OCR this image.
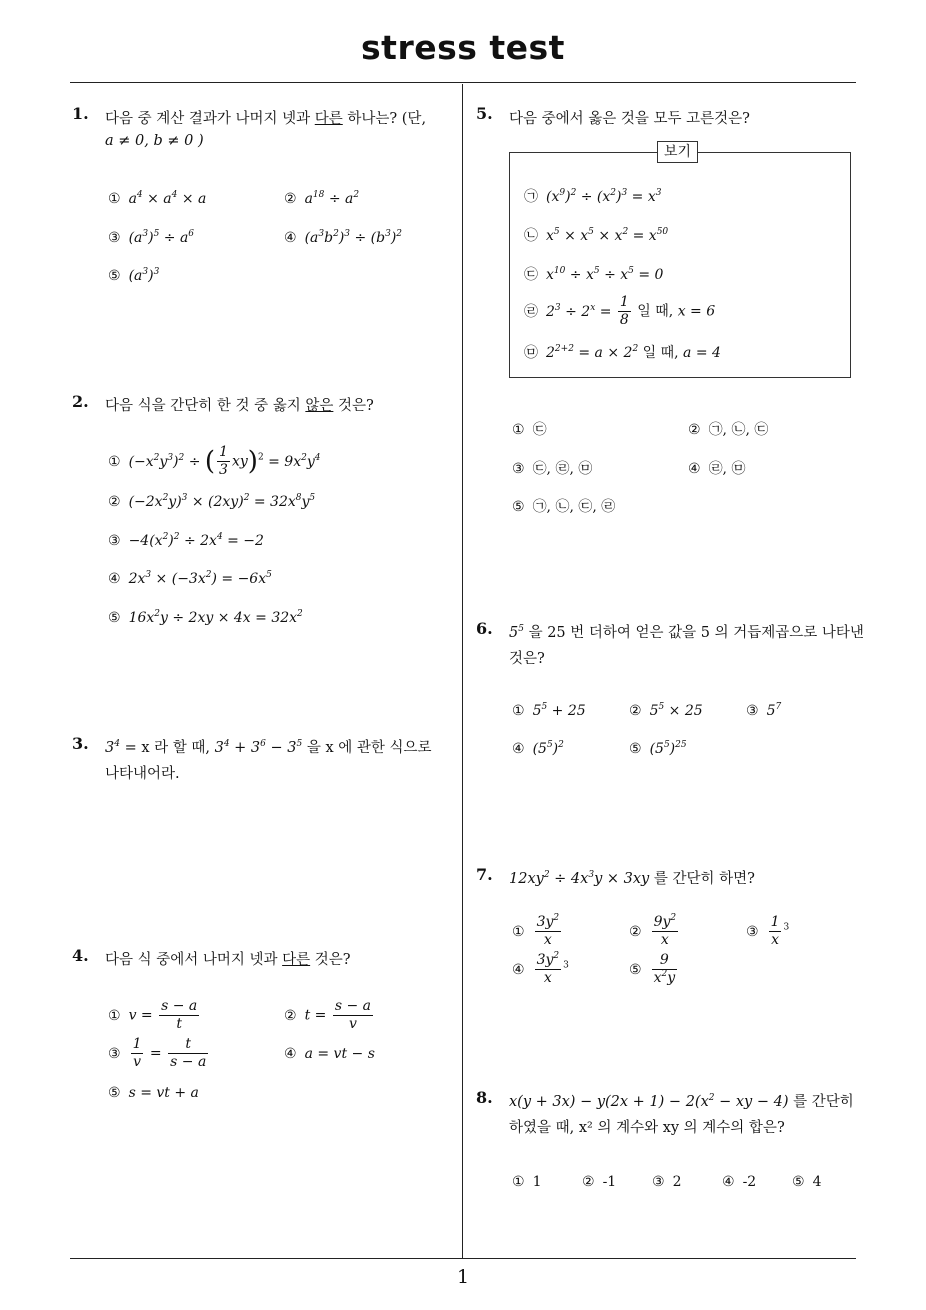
stress test
1
1. 다음 중 계산 결과가 나머지 넷과 다른 하나는? (단,
a ≠ 0, b ≠ 0 )
① $a^4 \times a^4 \times a$	② $a^{18} \div a^2$
③ $(a^3)^5 \div a^6$	④ $(a^3b^2)^3 \div (b^3)^2$
⑤ $(a^3)^3$
2. 다음 식을 간단히 한 것 중 옳지 않은 것은?
① $(-x^2y^3)^2$ ÷ ( $\frac{1}{3} xy)^2 = 9x^2y^4$
② $(-2x^2y)^3 \times (2xy)^2 = 32x^8y^5$
③ $-4(x^2)^2 \div 2x^4 = -2$
④ $2x^3 \times (-3x^2) = -6x^5$
⑤ $16x^2y \div 2xy \times 4x = 32x^2$
3. $3^4 = x$ 라 할 때, $3^4 + 3^6 - 3^5$ 을 x 에 관한 식으로
나타내어라.
4. 다음 식 중에서 나머지 넷과 다른 것은?
① $v = \frac{s - a}{t}$	② $t = \frac{s - a}{v}$
③ $\frac{1}{v} = \frac{t}{s - a}$	④ a = vt − s
⑤ s = vt + a
5. 다음 중에서 옳은 것을 모두 고른것은?
보기
㉠ $(x^9)^2 \div (x^2)^3 = x^3$
㉡ $x^5 \times x^5 \times x^2 = x^{50}$
㉢ $x^{10} \div x^5 \div x^5 = 0$
㉣ $2^3 \div 2^x = \frac{1}{8}$ 일 때, x = 6
㉤ $2^{2+2} = a \times 2^2$ 일 때, a = 4
① ㉢	② ㉠, ㉡, ㉢
③ ㉢, ㉣, ㉤	④ ㉣, ㉤
⑤ ㉠, ㉡, ㉢, ㉣
6. $5^5$ 을 25 번 더하여 얻은 값을 5 의 거듭제곱으로 나타낸
것은?
① $5^5 + 25$	② $5^5 \times 25$	③ $5^7$
④ $(5^5)^2$	⑤ $(5^5)^{25}$
7. $12xy^2 \div 4x^3y \times 3xy$ 를 간단히 하면?
① $\frac{3y^2}{x}$	② $\frac{9y^2}{x}$	③ $\frac{1}{x} ^3$
④ $\frac{3y^2}{x} ^3$	⑤ $\frac{9}{x^2y}$
8. $x(y + 3x) - y(2x + 1) - 2(x^2$ − xy − 4) 를 간단히
하였을 때, x² 의 계수와 xy 의 계수의 합은?
① 1	② -1	③ 2	④ -2	⑤ 4
